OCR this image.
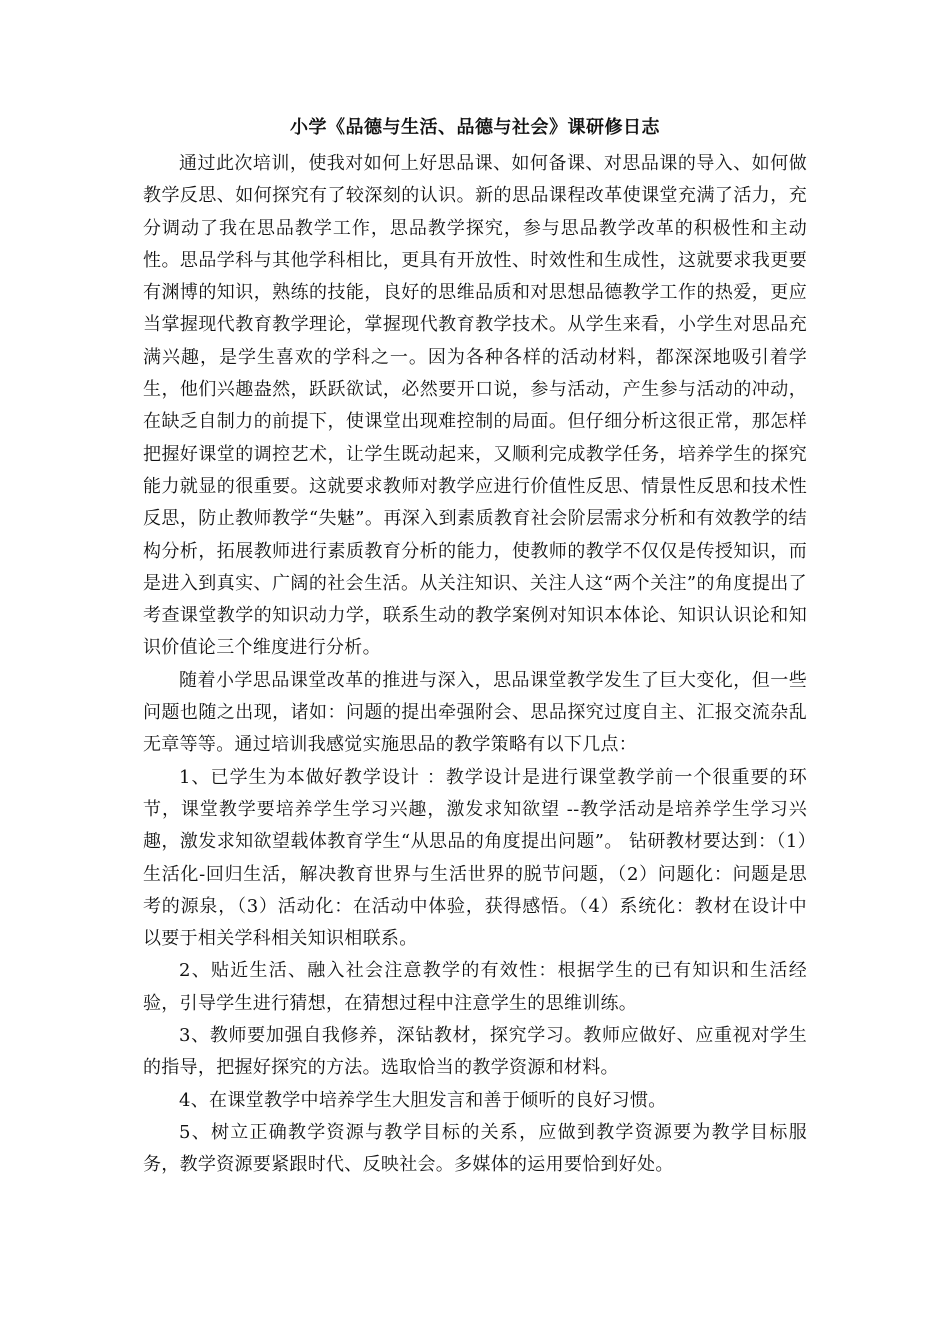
小学《品德与生活、品德与社会》课研修日志

通过此次培训，使我对如何上好思品课、如何备课、对思品课的导入、如何做教学反思、如何探究有了较深刻的认识。新的思品课程改革使课堂充满了活力，充分调动了我在思品教学工作，思品教学探究，参与思品教学改革的积极性和主动性。思品学科与其他学科相比，更具有开放性、时效性和生成性，这就要求我更要有渊博的知识，熟练的技能，良好的思维品质和对思想品德教学工作的热爱，更应当掌握现代教育教学理论，掌握现代教育教学技术。从学生来看，小学生对思品充满兴趣，是学生喜欢的学科之一。因为各种各样的活动材料，都深深地吸引着学生，他们兴趣盎然，跃跃欲试，必然要开口说，参与活动，产生参与活动的冲动，在缺乏自制力的前提下，使课堂出现难控制的局面。但仔细分析这很正常，那怎样把握好课堂的调控艺术，让学生既动起来，又顺利完成教学任务，培养学生的探究能力就显的很重要。这就要求教师对教学应进行价值性反思、情景性反思和技术性反思，防止教师教学“失魅”。再深入到素质教育社会阶层需求分析和有效教学的结构分析，拓展教师进行素质教育分析的能力，使教师的教学不仅仅是传授知识，而是进入到真实、广阔的社会生活。从关注知识、关注人这“两个关注”的角度提出了考查课堂教学的知识动力学，联系生动的教学案例对知识本体论、知识认识论和知识价值论三个维度进行分析。

随着小学思品课堂改革的推进与深入，思品课堂教学发生了巨大变化，但一些问题也随之出现，诸如：问题的提出牵强附会、思品探究过度自主、汇报交流杂乱无章等等。通过培训我感觉实施思品的教学策略有以下几点：

1、已学生为本做好教学设计 ：教学设计是进行课堂教学前一个很重要的环节，课堂教学要培养学生学习兴趣，激发求知欲望 --教学活动是培养学生学习兴趣，激发求知欲望载体教育学生“从思品的角度提出问题”。 钻研教材要达到：（1）生活化-回归生活，解决教育世界与生活世界的脱节问题，（2）问题化：问题是思考的源泉，（3）活动化：在活动中体验，获得感悟。（4）系统化：教材在设计中以要于相关学科相关知识相联系。

2、贴近生活、融入社会注意教学的有效性：根据学生的已有知识和生活经验，引导学生进行猜想，在猜想过程中注意学生的思维训练。

3、教师要加强自我修养，深钻教材，探究学习。教师应做好、应重视对学生的指导，把握好探究的方法。选取恰当的教学资源和材料。

4、在课堂教学中培养学生大胆发言和善于倾听的良好习惯。

5、树立正确教学资源与教学目标的关系，应做到教学资源要为教学目标服务，教学资源要紧跟时代、反映社会。多媒体的运用要恰到好处。
